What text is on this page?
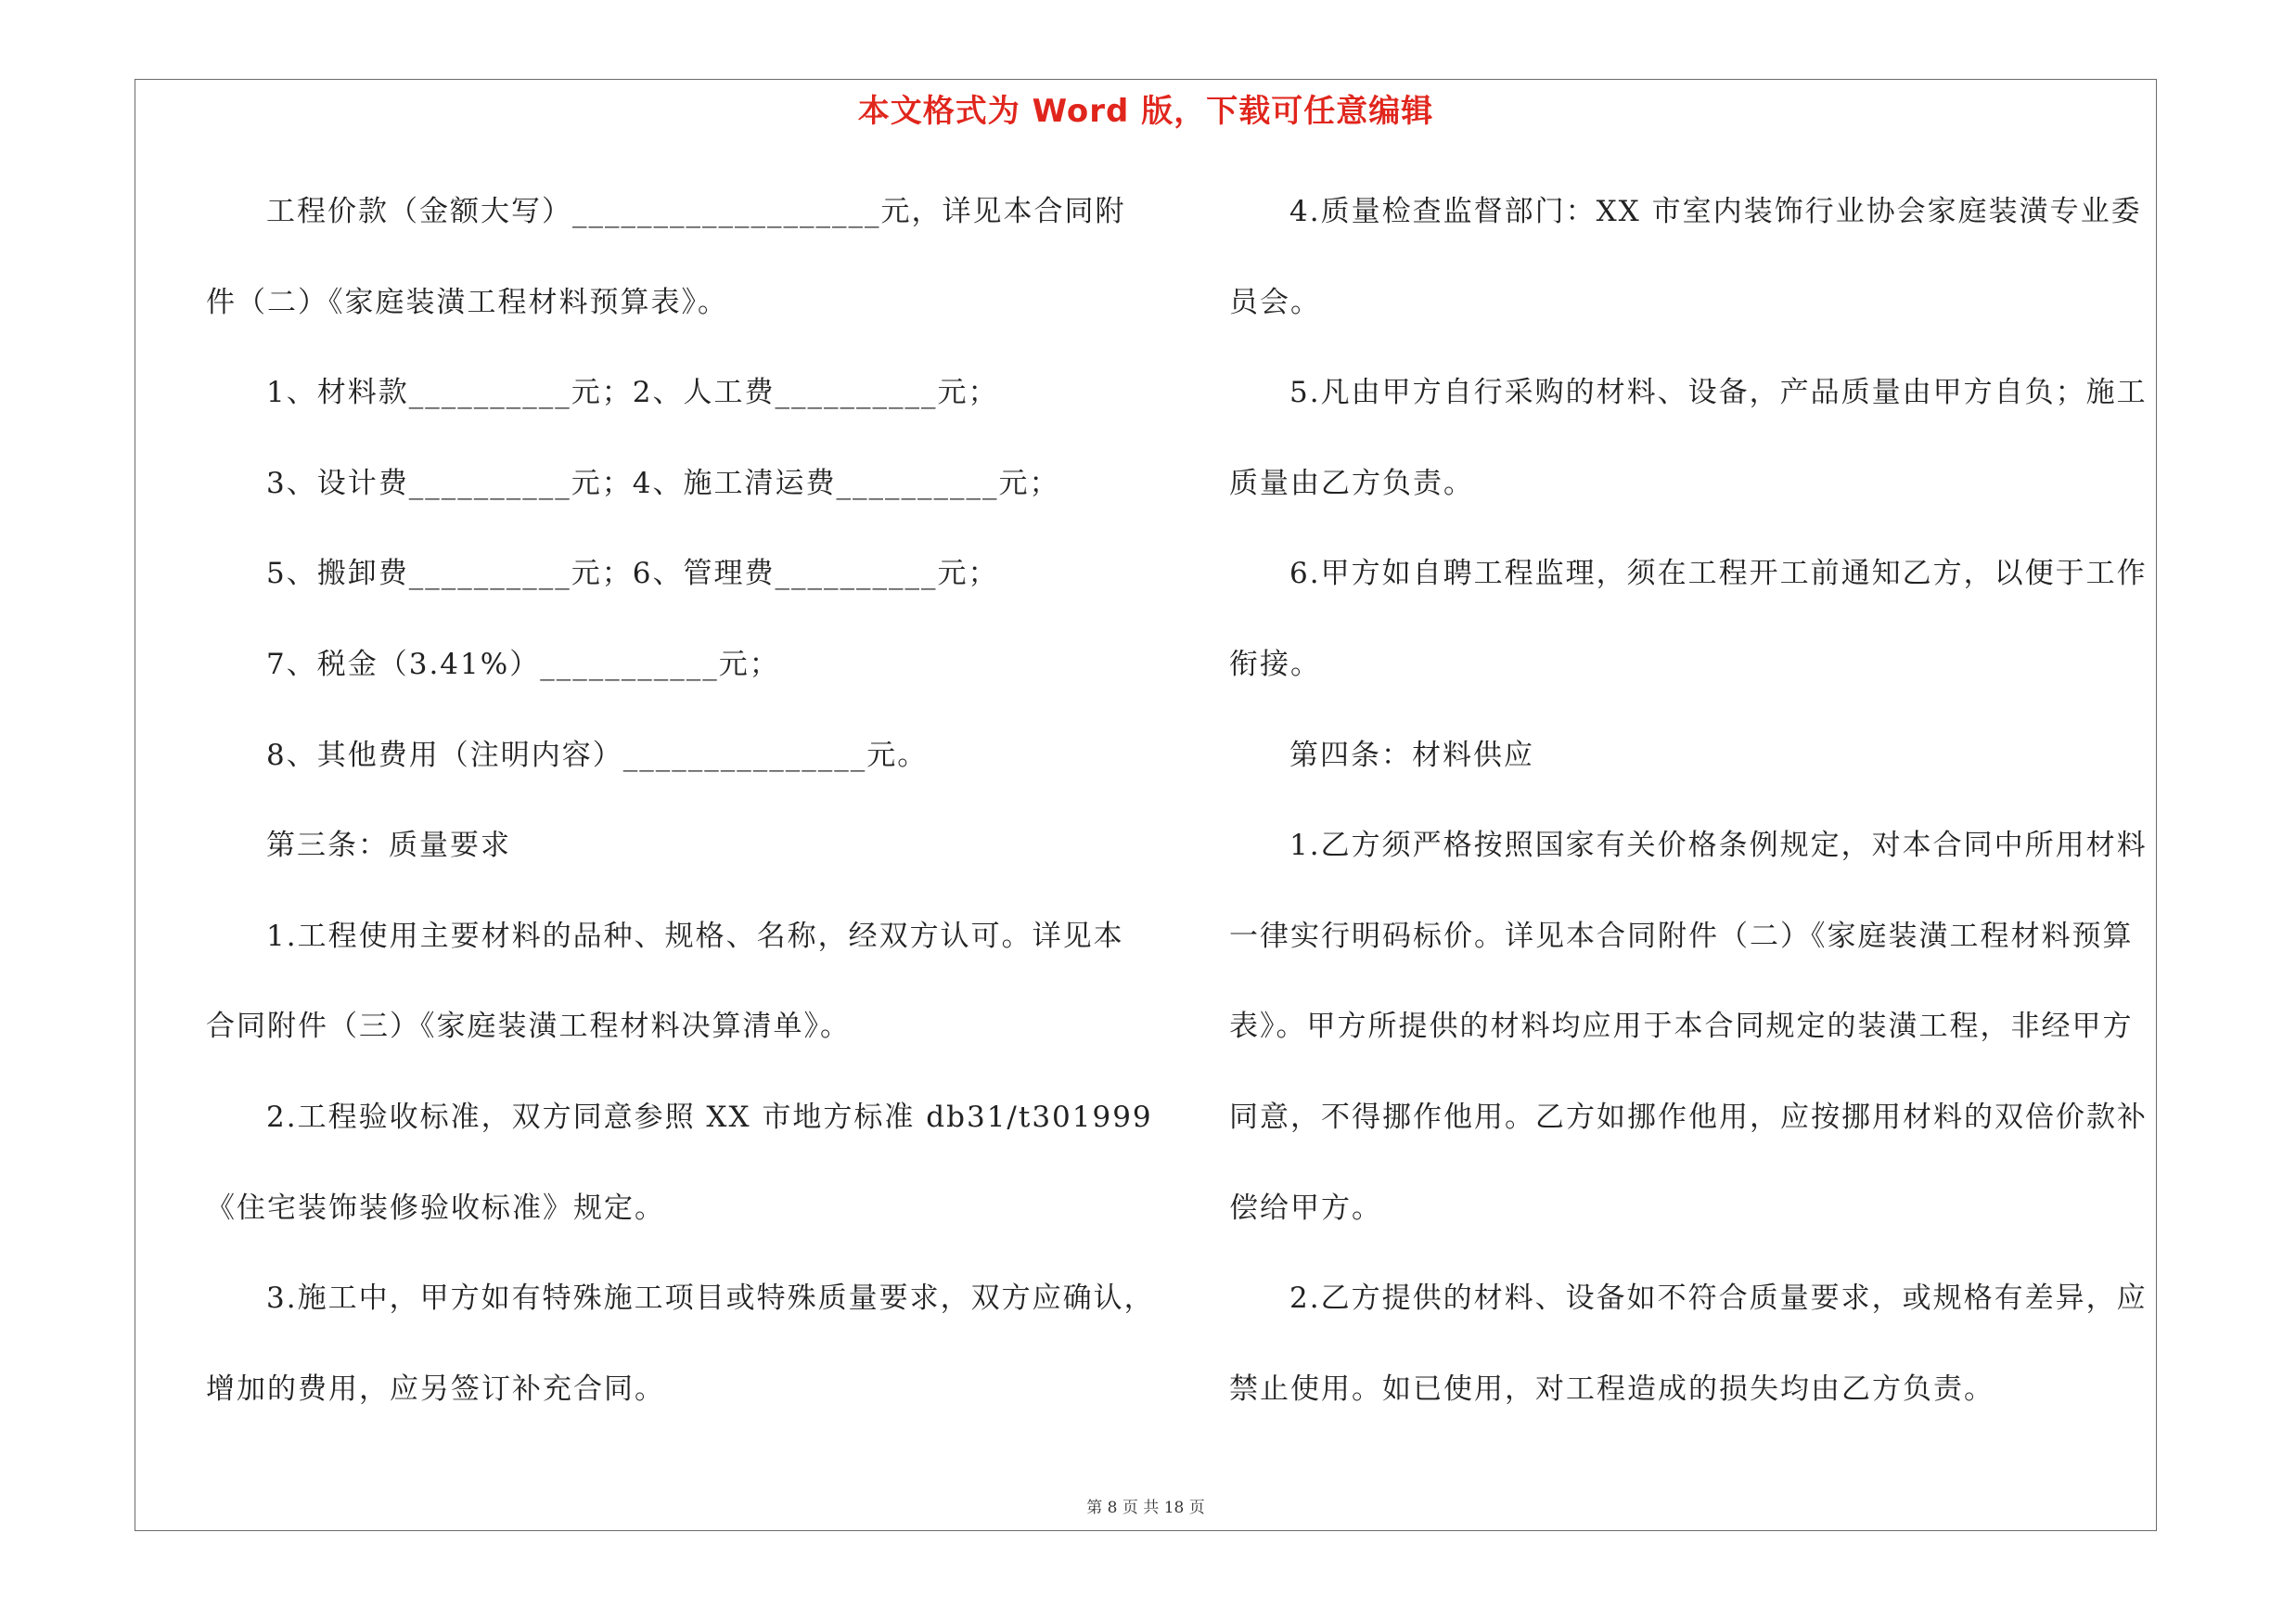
本文格式为 Word 版，下载可任意编辑
工程价款（金额大写）___________________元，详见本合同附
件（二）《家庭装潢工程材料预算表》。
1、材料款__________元；2、人工费__________元；
3、设计费__________元；4、施工清运费__________元；
5、搬卸费__________元；6、管理费__________元；
7、税金（3.41%）___________元；
8、其他费用（注明内容）_______________元。
第三条：质量要求
1.工程使用主要材料的品种、规格、名称，经双方认可。详见本
合同附件（三）《家庭装潢工程材料决算清单》。
2.工程验收标准，双方同意参照 XX 市地方标准 db31/t301999
《住宅装饰装修验收标准》规定。
3.施工中，甲方如有特殊施工项目或特殊质量要求，双方应确认，
增加的费用，应另签订补充合同。
4.质量检查监督部门：XX 市室内装饰行业协会家庭装潢专业委
员会。
5.凡由甲方自行采购的材料、设备，产品质量由甲方自负；施工
质量由乙方负责。
6.甲方如自聘工程监理，须在工程开工前通知乙方，以便于工作
衔接。
第四条：材料供应
1.乙方须严格按照国家有关价格条例规定，对本合同中所用材料
一律实行明码标价。详见本合同附件（二）《家庭装潢工程材料预算
表》。甲方所提供的材料均应用于本合同规定的装潢工程，非经甲方
同意，不得挪作他用。乙方如挪作他用，应按挪用材料的双倍价款补
偿给甲方。
2.乙方提供的材料、设备如不符合质量要求，或规格有差异，应
禁止使用。如已使用，对工程造成的损失均由乙方负责。
第 8 页 共 18 页
